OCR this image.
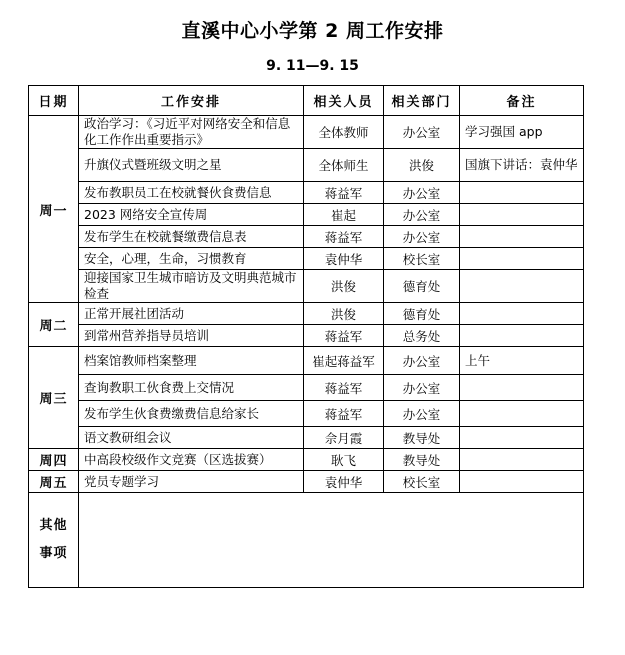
直溪中心小学第 2 周工作安排
9. 11—9. 15
日期	工作安排	相关人员	相关部门	备注
周一	政治学习：《习近平对网络安全和信息化工作作出重要指示》	全体教师	办公室	学习强国 app
	升旗仪式暨班级文明之星	全体师生	洪俊	国旗下讲话：袁仲华
	发布教职员工在校就餐伙食费信息	蒋益军	办公室	
	2023 网络安全宣传周	崔起	办公室	
	发布学生在校就餐缴费信息表	蒋益军	办公室	
	安全，心理，生命，习惯教育	袁仲华	校长室	
	迎接国家卫生城市暗访及文明典范城市检查	洪俊	德育处	
周二	正常开展社团活动	洪俊	德育处	
	到常州营养指导员培训	蒋益军	总务处	
周三	档案馆教师档案整理	崔起蒋益军	办公室	上午
	查询教职工伙食费上交情况	蒋益军	办公室	
	发布学生伙食费缴费信息给家长	蒋益军	办公室	
	语文教研组会议	佘月霞	教导处	
周四	中高段校级作文竞赛（区选拔赛）	耿飞	教导处	
周五	党员专题学习	袁仲华	校长室	
其他事项				
